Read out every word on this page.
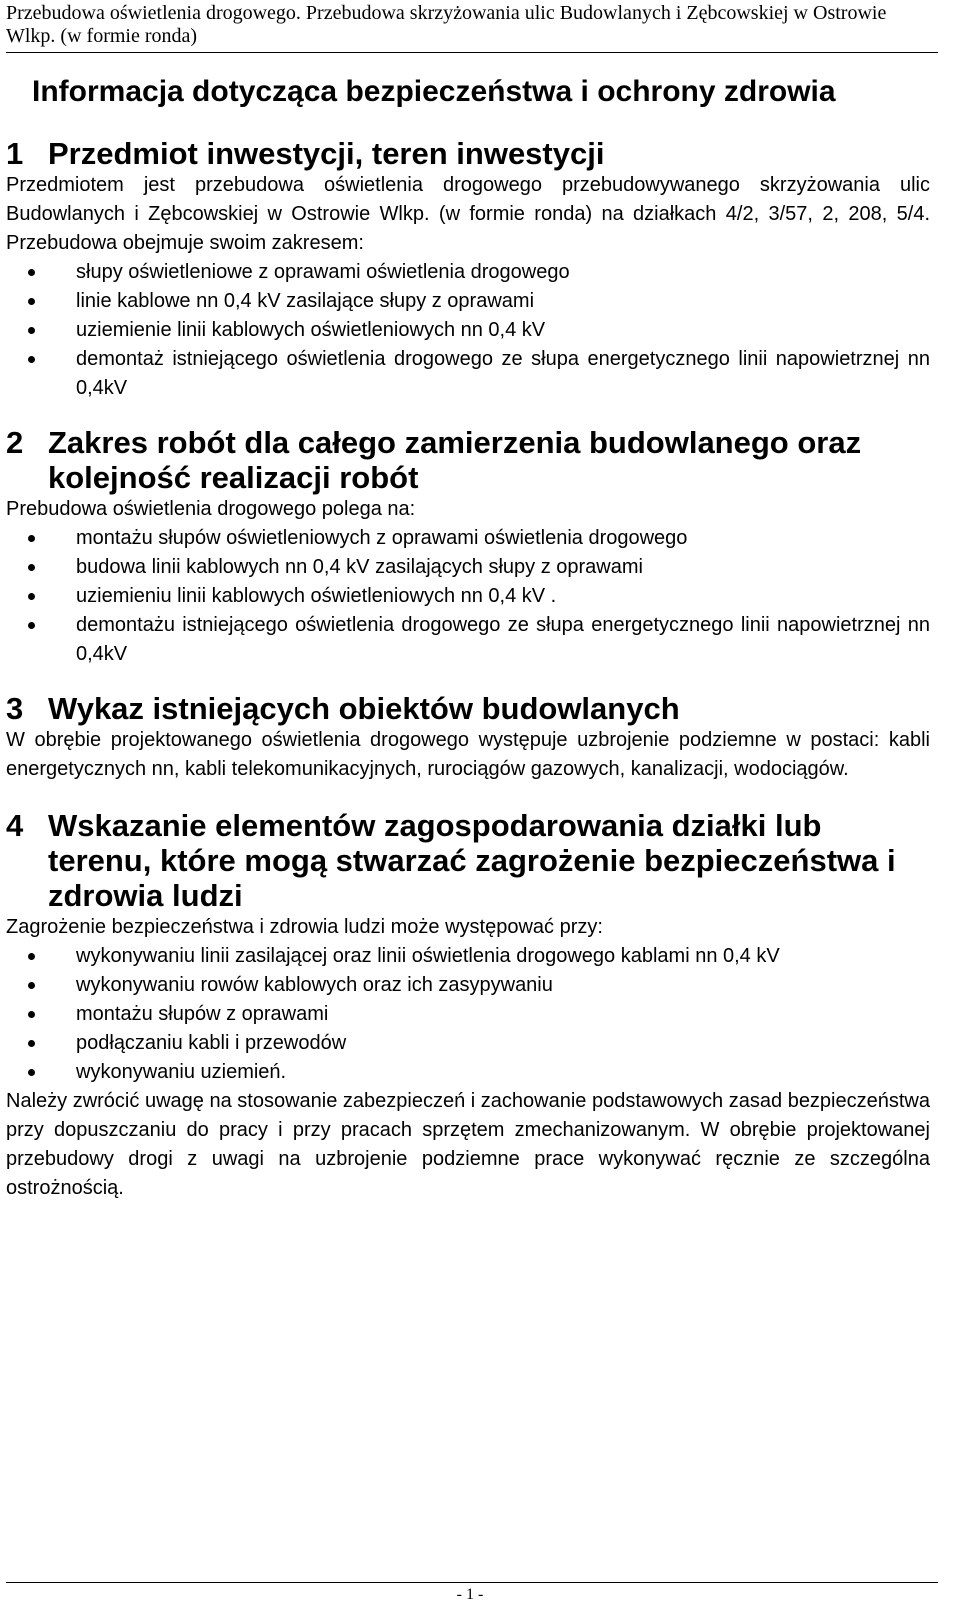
Przebudowa oświetlenia drogowego. Przebudowa skrzyżowania ulic Budowlanych i Zębcowskiej w Ostrowie Wlkp. (w formie ronda)
Informacja dotycząca bezpieczeństwa i ochrony zdrowia
1 Przedmiot inwestycji, teren inwestycji

Przedmiotem jest przebudowa oświetlenia drogowego przebudowywanego skrzyżowania ulic Budowlanych i Zębcowskiej w Ostrowie Wlkp. (w formie ronda) na działkach 4/2, 3/57, 2, 208, 5/4. Przebudowa obejmuje swoim zakresem:

słupy oświetleniowe z oprawami oświetlenia drogowego
linie kablowe nn 0,4 kV zasilające słupy z oprawami
uziemienie linii kablowych oświetleniowych nn 0,4 kV
demontaż istniejącego oświetlenia drogowego ze słupa energetycznego linii napowietrznej nn 0,4kV
2 Zakres robót dla całego zamierzenia budowlanego oraz kolejność realizacji robót

Prebudowa oświetlenia drogowego polega na:

montażu słupów oświetleniowych z oprawami oświetlenia drogowego
budowa linii kablowych nn 0,4 kV zasilających słupy z oprawami
uziemieniu linii kablowych oświetleniowych nn 0,4 kV .
demontażu istniejącego oświetlenia drogowego ze słupa energetycznego linii napowietrznej nn 0,4kV
3 Wykaz istniejących obiektów budowlanych

W obrębie projektowanego oświetlenia drogowego występuje uzbrojenie podziemne w postaci: kabli energetycznych nn, kabli telekomunikacyjnych, rurociągów gazowych, kanalizacji, wodociągów.

4 Wskazanie elementów zagospodarowania działki lub terenu, które mogą stwarzać zagrożenie bezpieczeństwa i zdrowia ludzi

Zagrożenie bezpieczeństwa i zdrowia ludzi może występować przy:

wykonywaniu linii zasilającej oraz linii oświetlenia drogowego kablami nn 0,4 kV
wykonywaniu rowów kablowych oraz ich zasypywaniu
montażu słupów z oprawami
podłączaniu kabli i przewodów
wykonywaniu uziemień.

Należy zwrócić uwagę na stosowanie zabezpieczeń i zachowanie podstawowych zasad bezpieczeństwa przy dopuszczaniu do pracy i przy pracach sprzętem zmechanizowanym. W obrębie projektowanej przebudowy drogi z uwagi na uzbrojenie podziemne prace wykonywać ręcznie ze szczególna ostrożnością.

- 1 -
